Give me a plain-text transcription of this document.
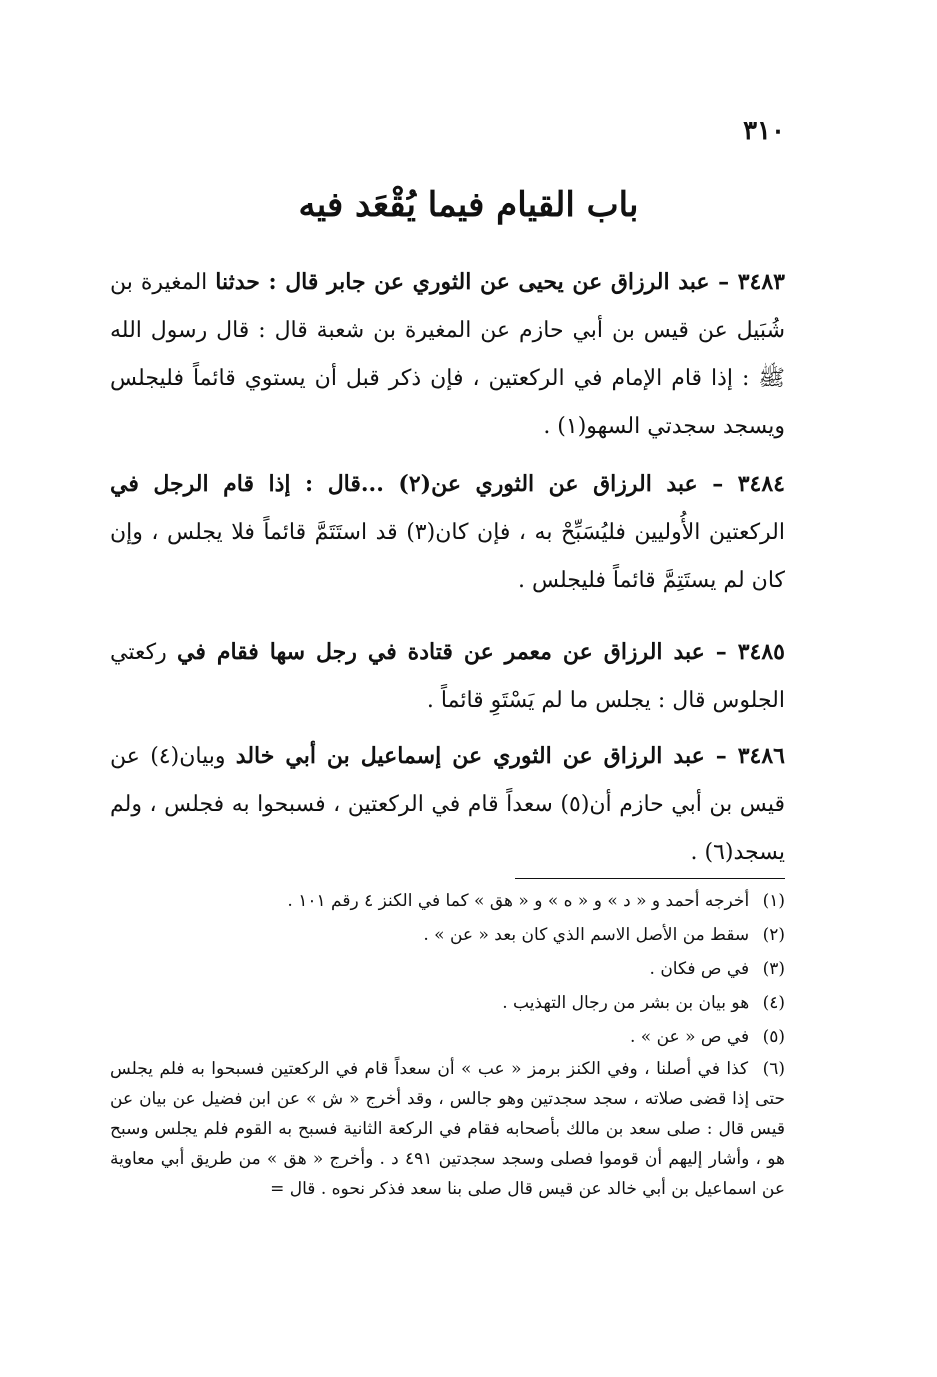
٣١٠
باب القيام فيما يُقْعَد فيه
٣٤٨٣ – عبد الرزاق عن يحيى عن الثوري عن جابر قال : حدثنا المغيرة بن شُبَيل عن قيس بن أبي حازم عن المغيرة بن شعبة قال : قال رسول الله ﷺ : إذا قام الإمام في الركعتين ، فإن ذكر قبل أن يستوي قائماً فليجلس ويسجد سجدتي السهو(١) .
٣٤٨٤ – عبد الرزاق عن الثوري عن(٢) ...قال : إذا قام الرجل في الركعتين الأُوليين فليُسَبِّحْ به ، فإن كان(٣) قد استَتَمَّ قائماً فلا يجلس ، وإن كان لم يستَتِمَّ قائماً فليجلس .
٣٤٨٥ – عبد الرزاق عن معمر عن قتادة في رجل سها فقام في ركعتي الجلوس قال : يجلس ما لم يَسْتَوِ قائماً .
٣٤٨٦ – عبد الرزاق عن الثوري عن إسماعيل بن أبي خالد وبيان(٤) عن قيس بن أبي حازم أن(٥) سعداً قام في الركعتين ، فسبحوا به فجلس ، ولم يسجد(٦) .
(١) أخرجه أحمد و « د » و « ه » و « هق » كما في الكنز ٤ رقم ١٠١ .
(٢) سقط من الأصل الاسم الذي كان بعد « عن » .
(٣) في ص فكان .
(٤) هو بيان بن بشر من رجال التهذيب .
(٥) في ص « عن » .
(٦) كذا في أصلنا ، وفي الكنز برمز « عب » أن سعداً قام في الركعتين فسبحوا به فلم يجلس حتى إذا قضى صلاته ، سجد سجدتين وهو جالس ، وقد أخرج « ش » عن ابن فضيل عن بيان عن قيس قال : صلى سعد بن مالك بأصحابه فقام في الركعة الثانية فسبح به القوم فلم يجلس وسبح هو ، وأشار إليهم أن قوموا فصلى وسجد سجدتين ٤٩١ د . وأخرج « هق » من طريق أبي معاوية عن اسماعيل بن أبي خالد عن قيس قال صلى بنا سعد فذكر نحوه . قال =
